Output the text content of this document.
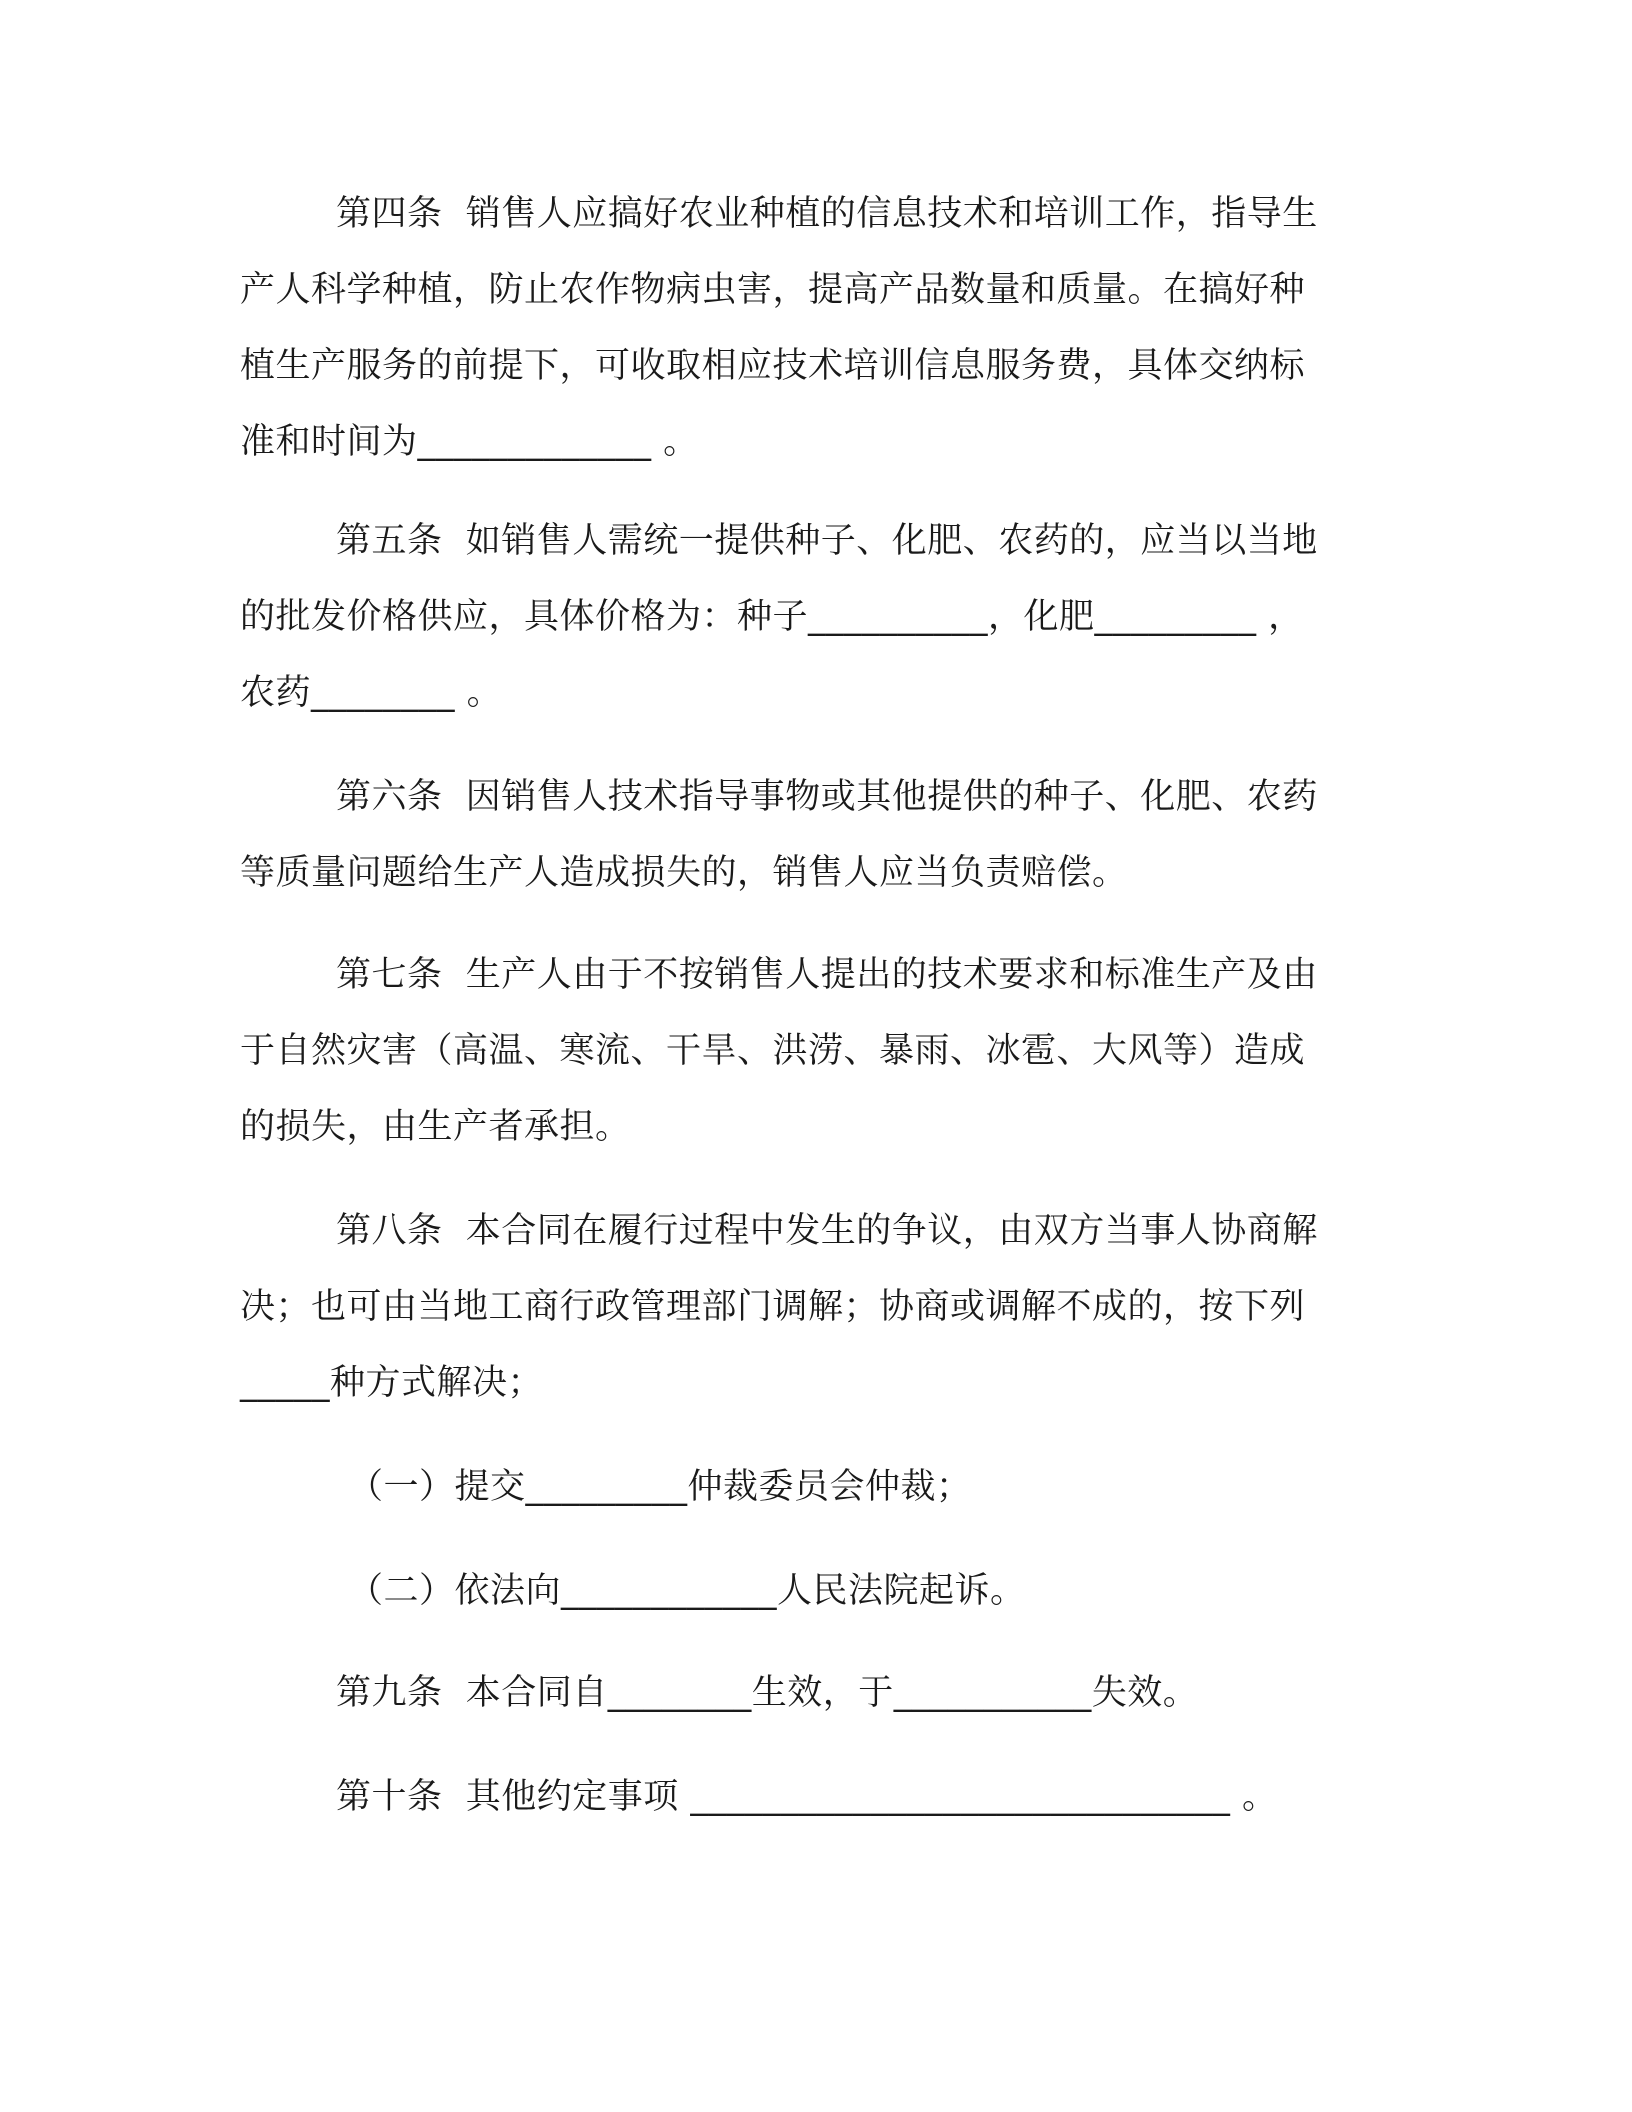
第四条  销售人应搞好农业种植的信息技术和培训工作，指导生
产人科学种植，防止农作物病虫害，提高产品数量和质量。在搞好种
植生产服务的前提下，可收取相应技术培训信息服务费，具体交纳标
准和时间为_____________ 。
第五条  如销售人需统一提供种子、化肥、农药的，应当以当地
的批发价格供应，具体价格为：种子__________，化肥_________ ，
农药________ 。
第六条  因销售人技术指导事物或其他提供的种子、化肥、农药
等质量问题给生产人造成损失的，销售人应当负责赔偿。
第七条  生产人由于不按销售人提出的技术要求和标准生产及由
于自然灾害（高温、寒流、干旱、洪涝、暴雨、冰雹、大风等）造成
的损失，由生产者承担。
第八条  本合同在履行过程中发生的争议，由双方当事人协商解
决；也可由当地工商行政管理部门调解；协商或调解不成的，按下列
_____种方式解决；
（一）提交_________仲裁委员会仲裁；
（二）依法向____________人民法院起诉。
第九条  本合同自________生效，于___________失效。
第十条  其他约定事项 ______________________________ 。
